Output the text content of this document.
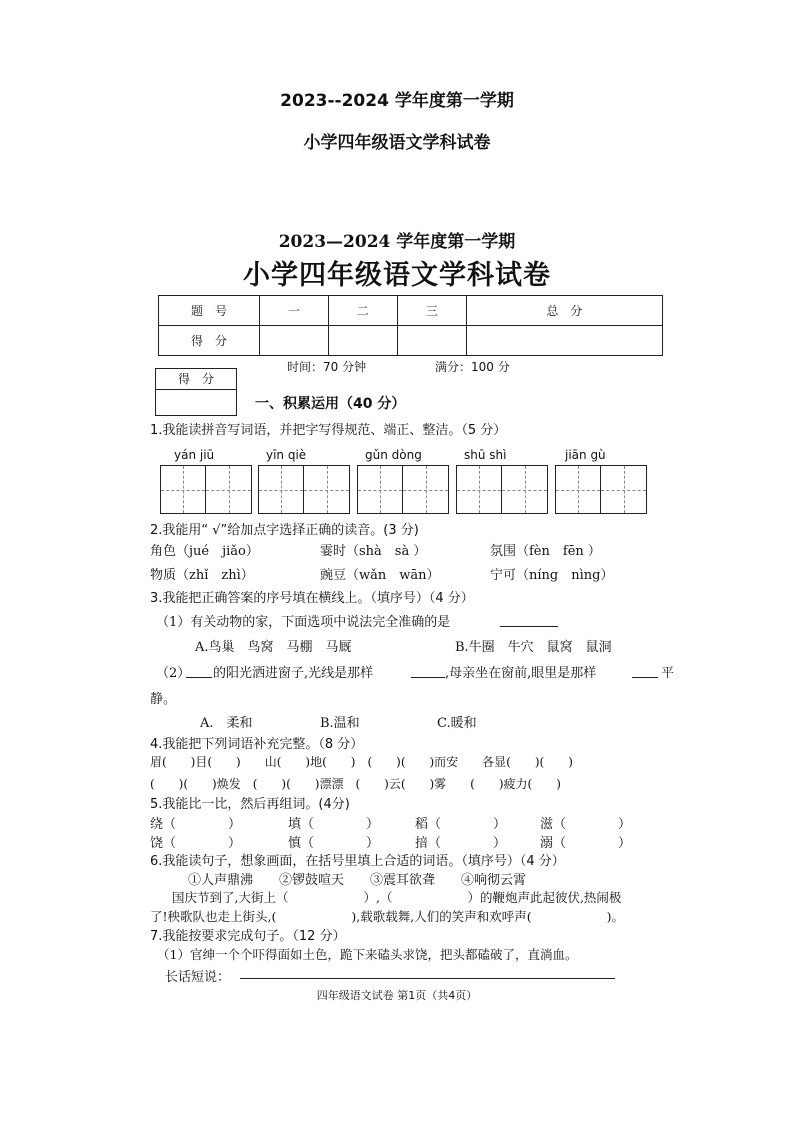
2023--2024 学年度第一学期
小学四年级语文学科试卷
2023—2024 学年度第一学期
小学四年级语文学科试卷
题　号	一	二	三	总　分
得　分				
时间：70 分钟	满分：100 分
得　分
一、积累运用（40 分）
1.我能读拼音写词语，并把字写得规范、端正、整洁。（5 分）
yán jiū	yīn qiè	gǔn dòng	shū shì	jiān gù
2.我能用“ √”给加点字选择正确的读音。(3 分)
角色（jué　jiǎo）	霎时（shà　sà ）	氛围（fèn　fēn ）
物质（zhǐ　zhì）	豌豆（wǎn　wān）	宁可（níng　nìng）
3.我能把正确答案的序号填在横线上。（填序号）（4 分）
（1）有关动物的家，下面选项中说法完全准确的是
A.鸟巢　鸟窝　马棚　马厩	B.牛圈　牛穴　鼠窝　鼠洞
（2） 的阳光洒进窗子,光线是那样	,母亲坐在窗前,眼里是那样	平
静。
A.　柔和	B.温和	C.暖和
4.我能把下列词语补充完整。（8 分）
眉(　　)目(　　)　　山(　　)地(　　)　(　　)(　　)而安　　各显(　　)(　　)
(　　)(　　)焕发　(　　)(　　)漂漂　(　　)云(　　)雾　　(　　)疲力(　　)
5.我能比一比，然后再组词。(4分)
绕（　　　　）	填（　　　　）	稻（　　　　）	滋（　　　　）
饶（　　　　）	慎（　　　　）	揞（　　　　）	溺（　　　　）
6.我能读句子，想象画面，在括号里填上合适的词语。（填序号）（4 分）
①人声鼎沸　　②锣鼓喧天　　③震耳欲聋　　④响彻云霄
国庆节到了,大街上（　　　　　　）,（　　　　　　）的鞭炮声此起彼伏,热闹极
了!秧歌队也走上街头,(　　　　　　),载歌载舞,人们的笑声和欢呼声(　　　　　　)。
7.我能按要求完成句子。（12 分）
（1）官绅一个个吓得面如土色，跪下来磕头求饶，把头都磕破了，直淌血。
长话短说：
四年级语文试卷 第1页（共4页）
